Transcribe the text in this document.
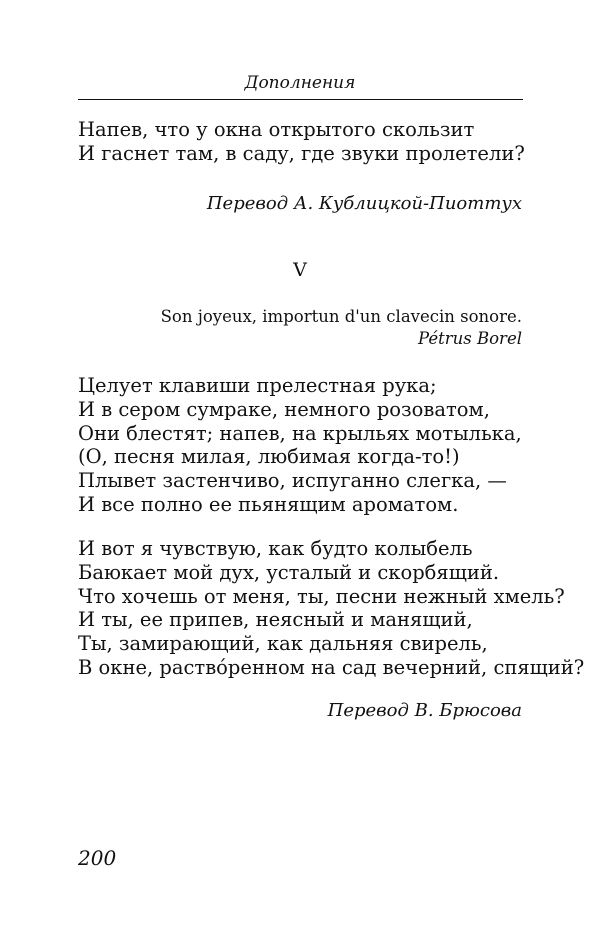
Дополнения
Напев, что у окна открытого скользит
И гаснет там, в саду, где звуки пролетели?
Перевод А. Кублицкой-Пиоттух
V
Son joyeux, importun d'un clavecin sonore.
Pétrus Borel
Целует клавиши прелестная рука;
И в сером сумраке, немного розоватом,
Они блестят; напев, на крыльях мотылька,
(О, песня милая, любимая когда-то!)
Плывет застенчиво, испуганно слегка, —
И все полно ее пьянящим ароматом.
И вот я чувствую, как будто колыбель
Баюкает мой дух, усталый и скорбящий.
Что хочешь от меня, ты, песни нежный хмель?
И ты, ее припев, неясный и манящий,
Ты, замирающий, как дальняя свирель,
В окне, раствóренном на сад вечерний, спящий?
Перевод В. Брюсова
200
